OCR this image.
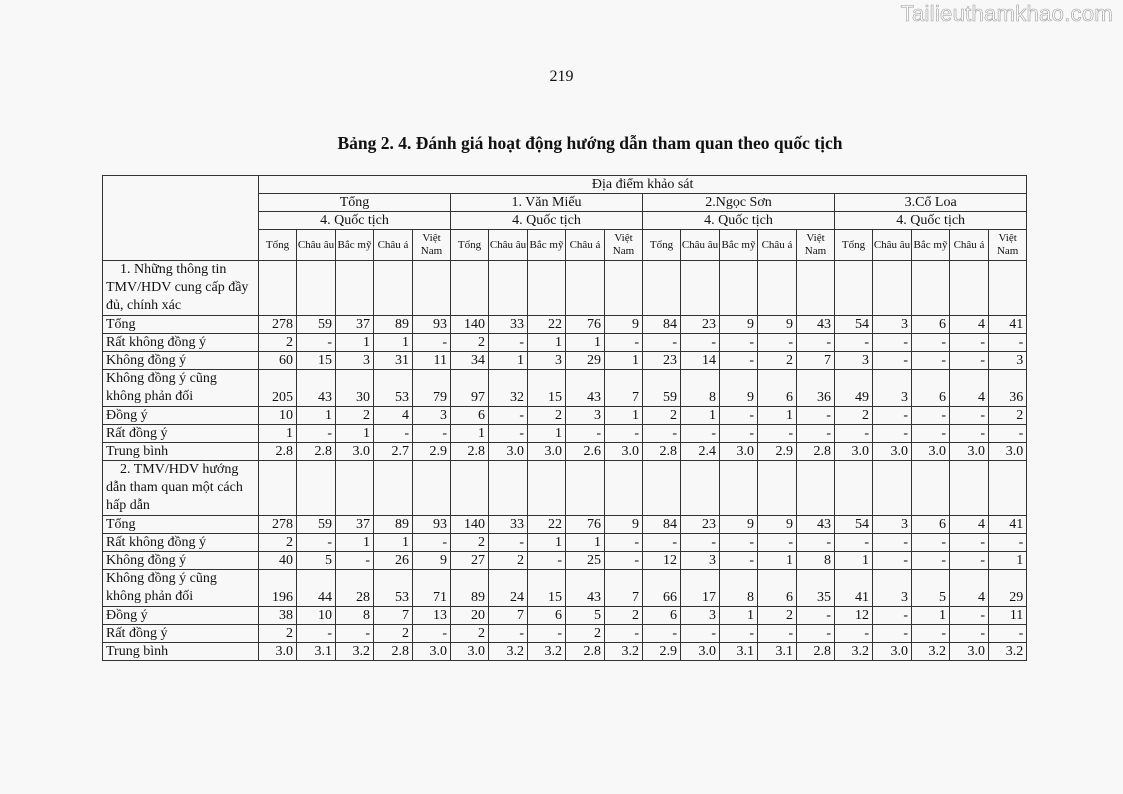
Tailieuthamkhao.com
219
Bảng 2. 4. Đánh giá hoạt động hướng dẫn tham quan theo quốc tịch
	Địa điểm khảo sát																			
	Tổng					1. Văn Miếu					2.Ngọc Sơn					3.Cổ Loa				
	4. Quốc tịch					4. Quốc tịch					4. Quốc tịch					4. Quốc tịch				
	Tổng	Châu âu	Bắc mỹ	Châu á	Việt Nam	Tổng	Châu âu	Bắc mỹ	Châu á	Việt Nam	Tổng	Châu âu	Bắc mỹ	Châu á	Việt Nam	Tổng	Châu âu	Bắc mỹ	Châu á	Việt Nam
1. Những thông tin TMV/HDV cung cấp đầy đủ, chính xác																				
Tổng	278	59	37	89	93	140	33	22	76	9	84	23	9	9	43	54	3	6	4	41
Rất không đồng ý	2	-	1	1	-	2	-	1	1	-	-	-	-	-	-	-	-	-	-	-
Không đồng ý	60	15	3	31	11	34	1	3	29	1	23	14	-	2	7	3	-	-	-	3
Không đồng ý cũng không phản đối	205	43	30	53	79	97	32	15	43	7	59	8	9	6	36	49	3	6	4	36
Đồng ý	10	1	2	4	3	6	-	2	3	1	2	1	-	1	-	2	-	-	-	2
Rất đồng ý	1	-	1	-	-	1	-	1	-	-	-	-	-	-	-	-	-	-	-	-
Trung bình	2.8	2.8	3.0	2.7	2.9	2.8	3.0	3.0	2.6	3.0	2.8	2.4	3.0	2.9	2.8	3.0	3.0	3.0	3.0	3.0
2. TMV/HDV hướng dẫn tham quan một cách hấp dẫn																				
Tổng	278	59	37	89	93	140	33	22	76	9	84	23	9	9	43	54	3	6	4	41
Rất không đồng ý	2	-	1	1	-	2	-	1	1	-	-	-	-	-	-	-	-	-	-	-
Không đồng ý	40	5	-	26	9	27	2	-	25	-	12	3	-	1	8	1	-	-	-	1
Không đồng ý cũng không phản đối	196	44	28	53	71	89	24	15	43	7	66	17	8	6	35	41	3	5	4	29
Đồng ý	38	10	8	7	13	20	7	6	5	2	6	3	1	2	-	12	-	1	-	11
Rất đồng ý	2	-	-	2	-	2	-	-	2	-	-	-	-	-	-	-	-	-	-	-
Trung bình	3.0	3.1	3.2	2.8	3.0	3.0	3.2	3.2	2.8	3.2	2.9	3.0	3.1	3.1	2.8	3.2	3.0	3.2	3.0	3.2
